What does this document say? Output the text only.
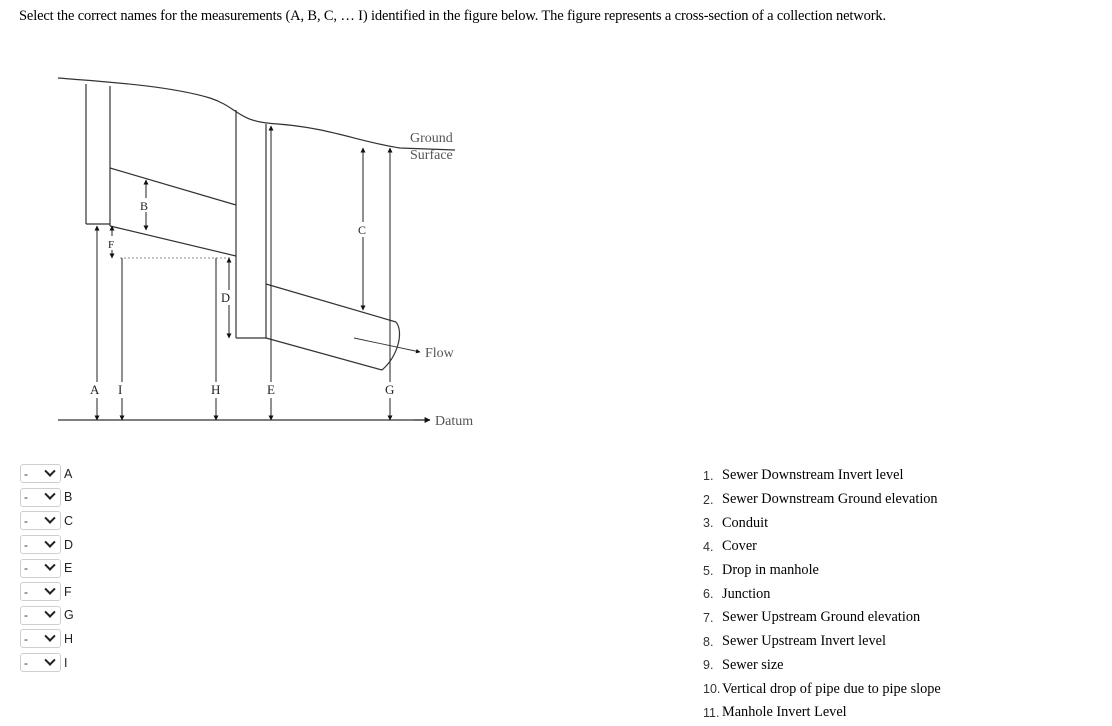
Select the correct names for the measurements (A, B, C, … I) identified in the figure below. The figure represents a cross-section of a collection network.
B
F
D
C
A I	H	E	G
Ground
Surface
Flow
Datum
-	A
-	B
-	C
-	D
-	E
-	F
-	G
-	H
-	I
1. Sewer Downstream Invert level
2. Sewer Downstream Ground elevation
3. Conduit
4. Cover
5. Drop in manhole
6. Junction
7. Sewer Upstream Ground elevation
8. Sewer Upstream Invert level
9. Sewer size
10. Vertical drop of pipe due to pipe slope
11. Manhole Invert Level
